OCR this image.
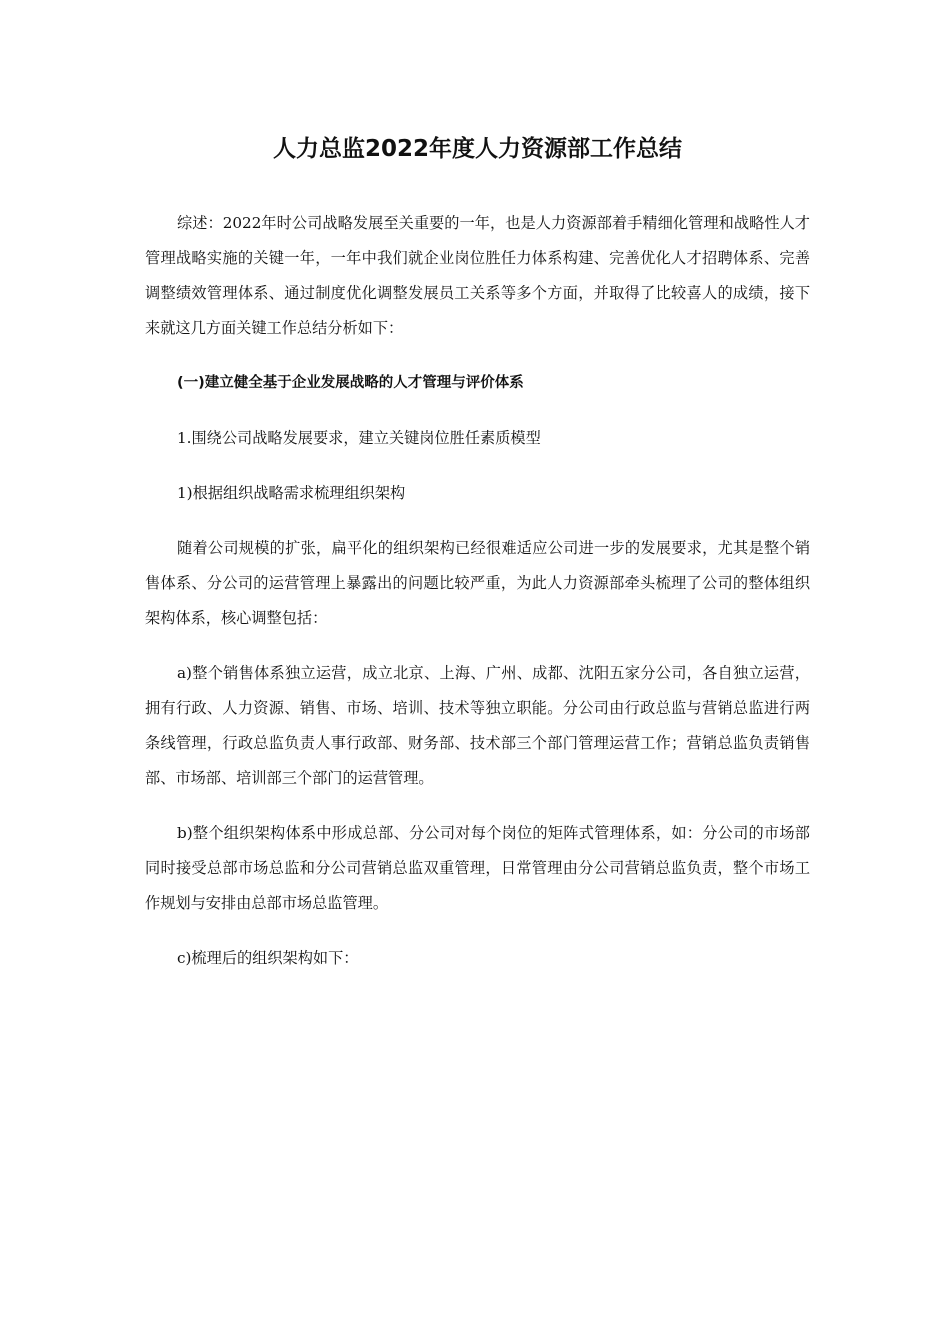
人力总监2022年度人力资源部工作总结

综述：2022年时公司战略发展至关重要的一年，也是人力资源部着手精细化管理和战略性人才管理战略实施的关键一年，一年中我们就企业岗位胜任力体系构建、完善优化人才招聘体系、完善调整绩效管理体系、通过制度优化调整发展员工关系等多个方面，并取得了比较喜人的成绩，接下来就这几方面关键工作总结分析如下：

(一)建立健全基于企业发展战略的人才管理与评价体系

1.围绕公司战略发展要求，建立关键岗位胜任素质模型

1)根据组织战略需求梳理组织架构

随着公司规模的扩张，扁平化的组织架构已经很难适应公司进一步的发展要求，尤其是整个销售体系、分公司的运营管理上暴露出的问题比较严重，为此人力资源部牵头梳理了公司的整体组织架构体系，核心调整包括：

a)整个销售体系独立运营，成立北京、上海、广州、成都、沈阳五家分公司，各自独立运营，拥有行政、人力资源、销售、市场、培训、技术等独立职能。分公司由行政总监与营销总监进行两条线管理，行政总监负责人事行政部、财务部、技术部三个部门管理运营工作；营销总监负责销售部、市场部、培训部三个部门的运营管理。

b)整个组织架构体系中形成总部、分公司对每个岗位的矩阵式管理体系，如：分公司的市场部同时接受总部市场总监和分公司营销总监双重管理，日常管理由分公司营销总监负责，整个市场工作规划与安排由总部市场总监管理。

c)梳理后的组织架构如下：
